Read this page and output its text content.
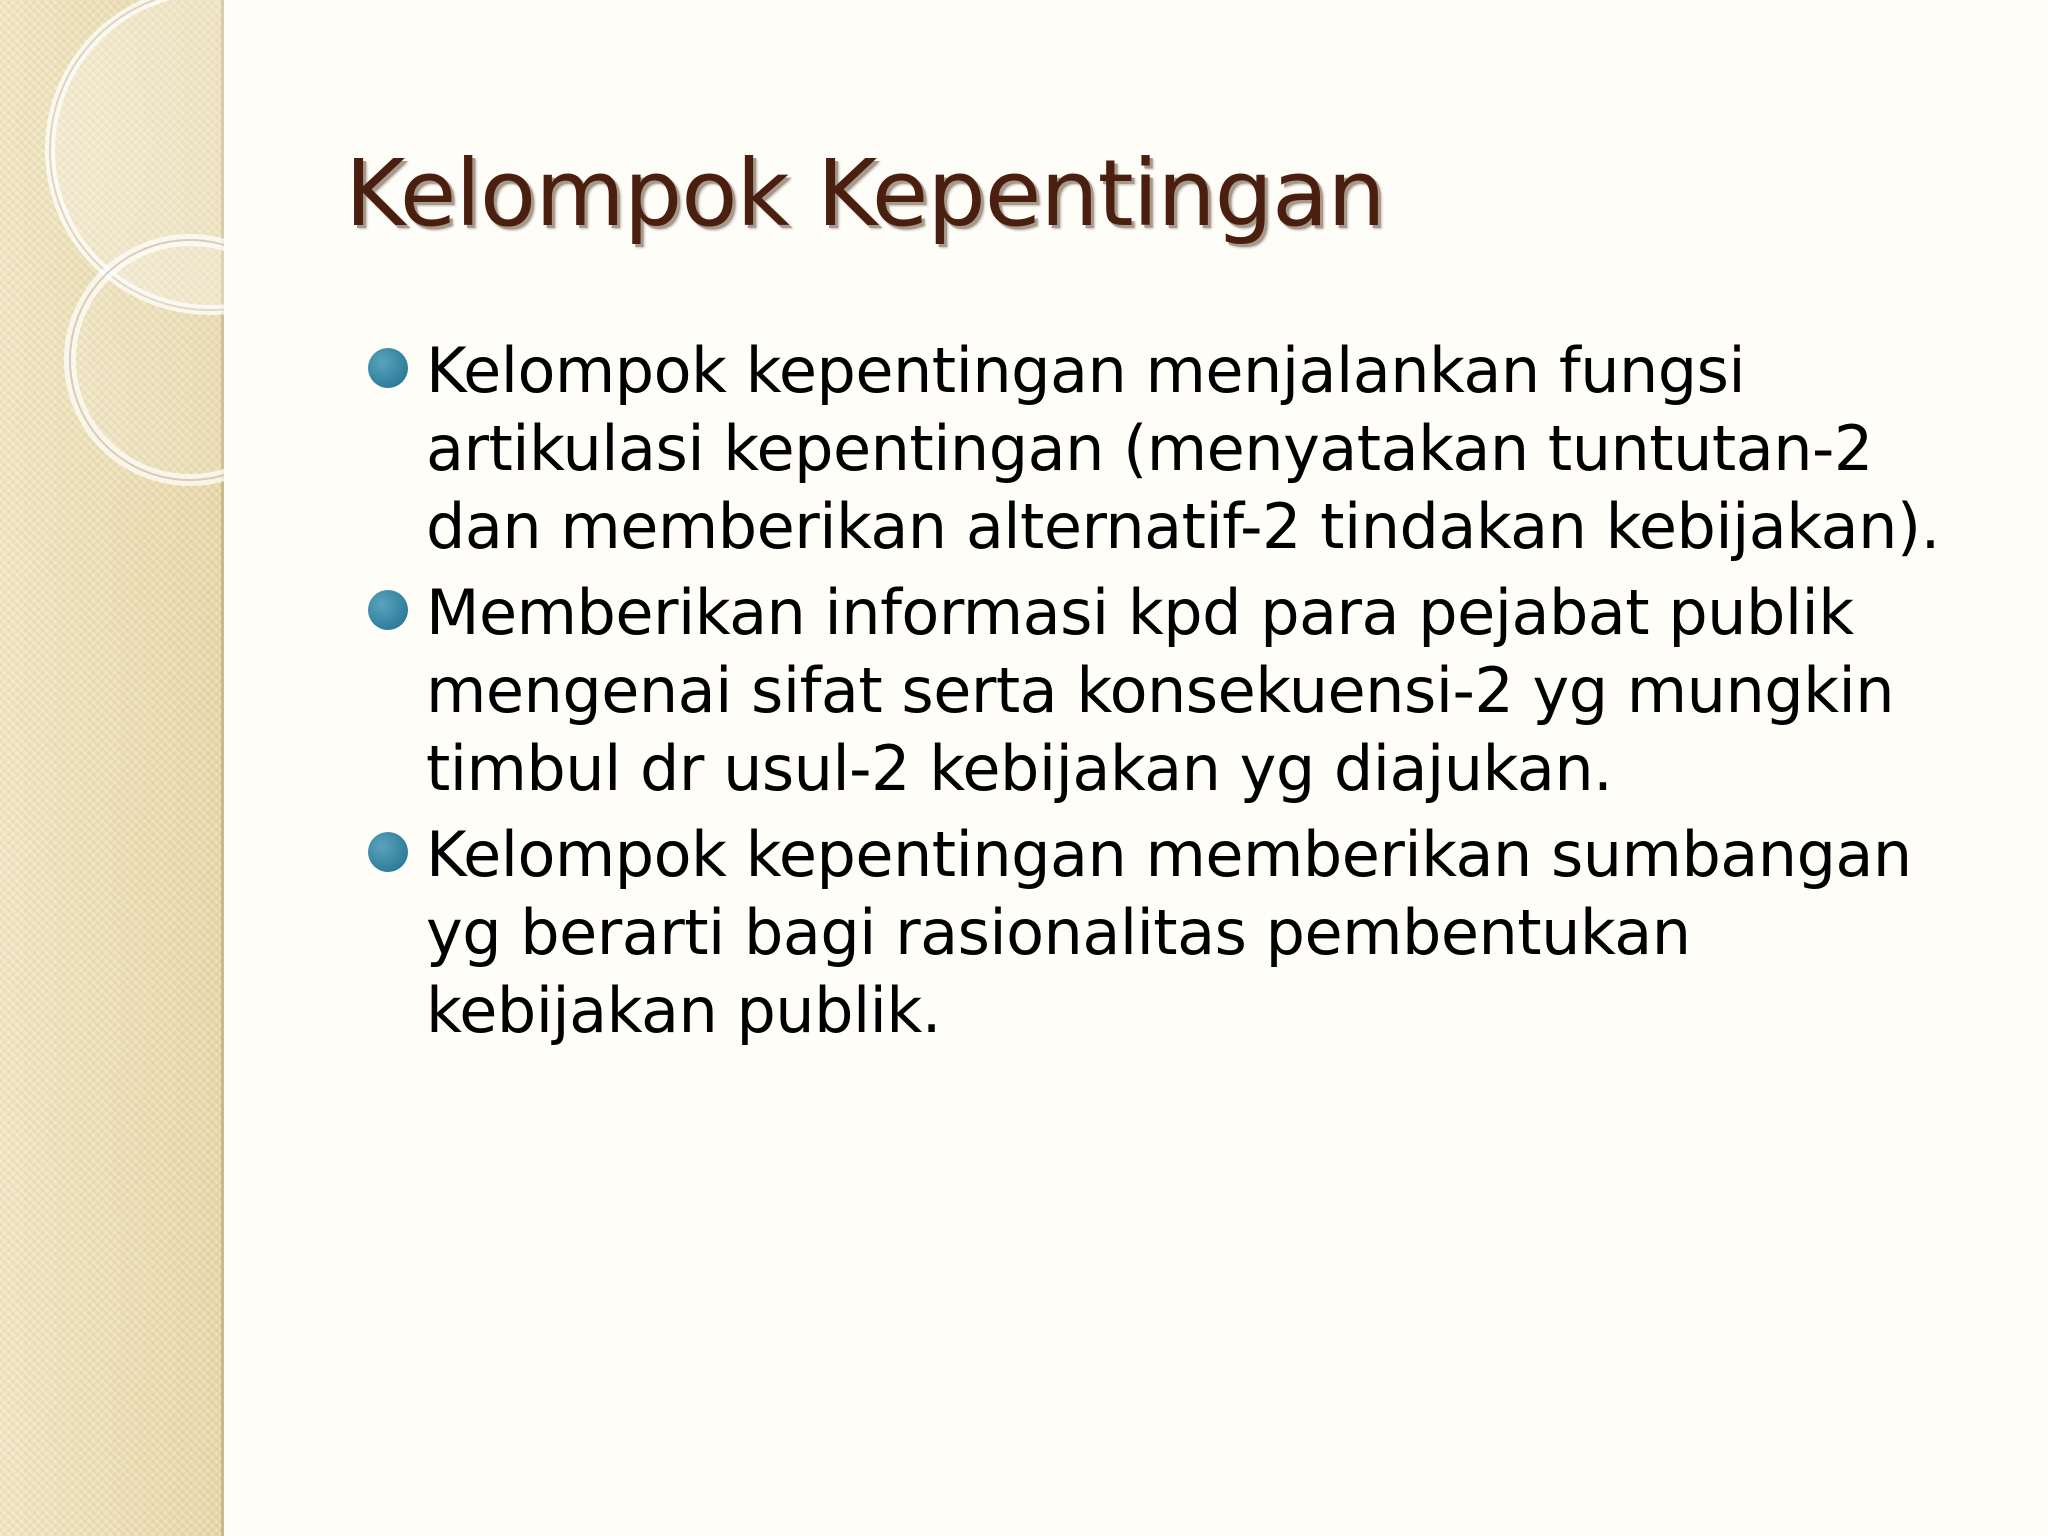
Kelompok Kepentingan
Kelompok kepentingan menjalankan fungsi artikulasi kepentingan (menyatakan tuntutan-2 dan memberikan alternatif-2 tindakan kebijakan).
Memberikan informasi kpd para pejabat publik mengenai sifat serta konsekuensi-2 yg mungkin timbul dr usul-2 kebijakan yg diajukan.
Kelompok kepentingan memberikan sumbangan yg berarti bagi rasionalitas pembentukan kebijakan publik.
